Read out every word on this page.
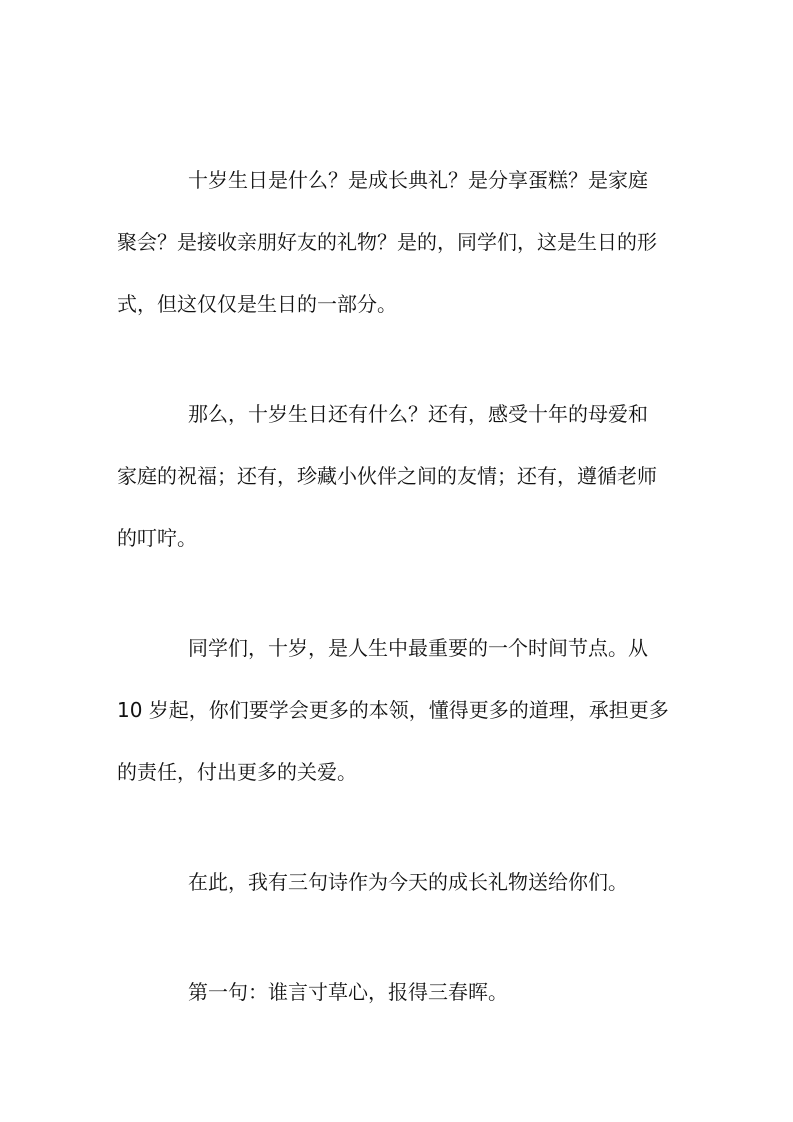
十岁生日是什么？是成长典礼？是分享蛋糕？是家庭

聚会？是接收亲朋好友的礼物？是的，同学们，这是生日的形

式，但这仅仅是生日的一部分。

那么，十岁生日还有什么？还有，感受十年的母爱和

家庭的祝福；还有，珍藏小伙伴之间的友情；还有，遵循老师

的叮咛。

同学们，十岁，是人生中最重要的一个时间节点。从

10 岁起，你们要学会更多的本领，懂得更多的道理，承担更多

的责任，付出更多的关爱。

在此，我有三句诗作为今天的成长礼物送给你们。

第一句：谁言寸草心，报得三春晖。
